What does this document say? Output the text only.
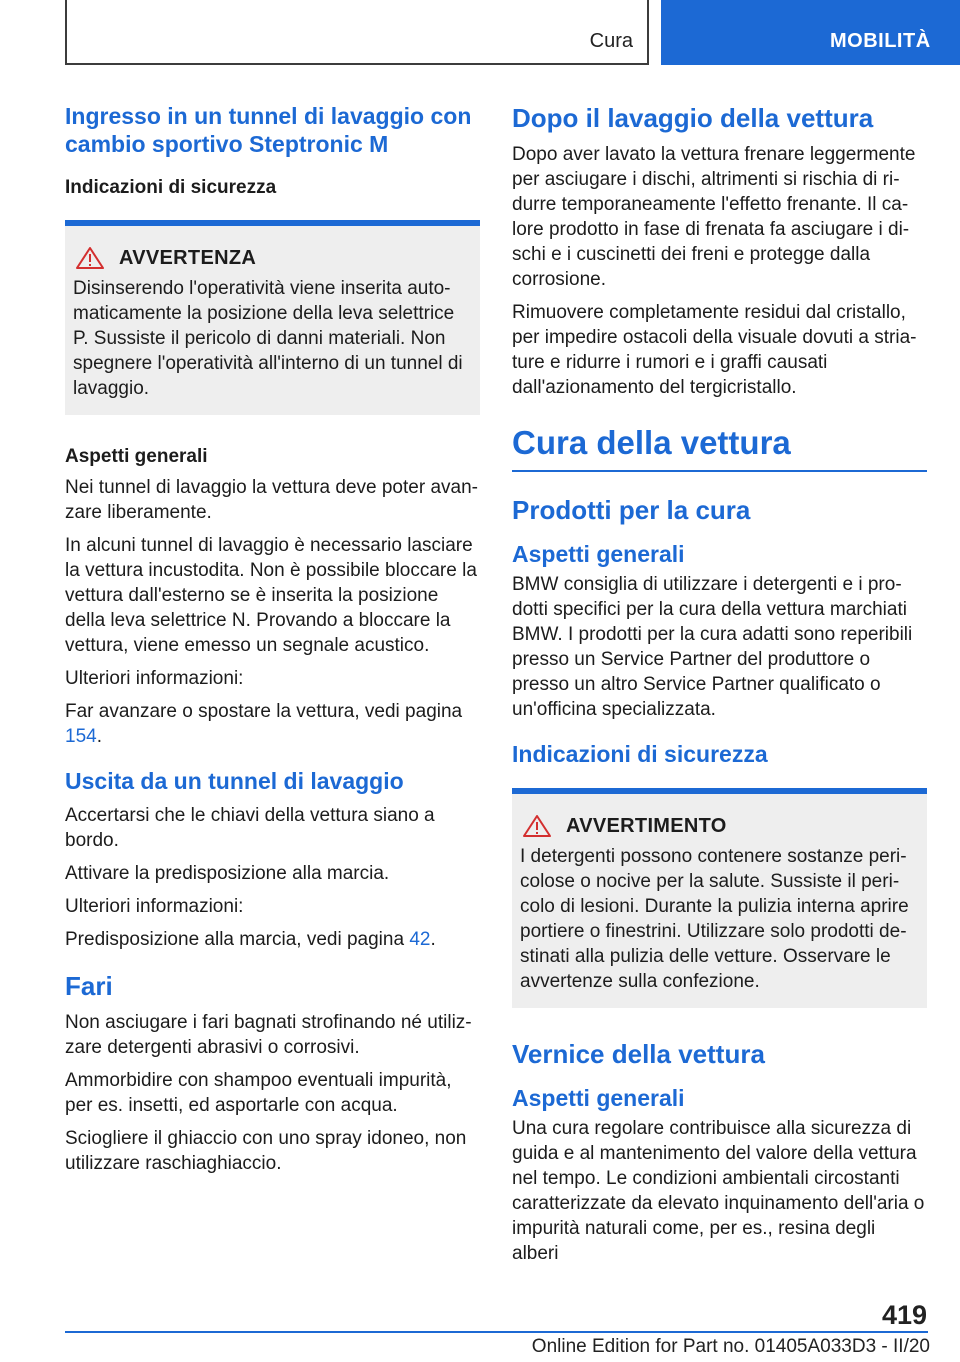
Cura	MOBILITÀ
Ingresso in un tunnel di lavaggio con cambio sportivo Steptronic M
Indicazioni di sicurezza
AVVERTENZA

Disinserendo l'operatività viene inserita automaticamente la posizione della leva selettrice P. Sussiste il pericolo di danni materiali. Non spegnere l'operatività all'interno di un tunnel di lavaggio.

Aspetti generali

Nei tunnel di lavaggio la vettura deve poter avanzare liberamente.

In alcuni tunnel di lavaggio è necessario lasciare la vettura incustodita. Non è possibile bloccare la vettura dall'esterno se è inserita la posizione della leva selettrice N. Provando a bloccare la vettura, viene emesso un segnale acustico.

Ulteriori informazioni:

Far avanzare o spostare la vettura, vedi pagina 154.

Uscita da un tunnel di lavaggio

Accertarsi che le chiavi della vettura siano a bordo.

Attivare la predisposizione alla marcia.

Ulteriori informazioni:

Predisposizione alla marcia, vedi pagina 42.

Fari

Non asciugare i fari bagnati strofinando né utilizzare detergenti abrasivi o corrosivi.

Ammorbidire con shampoo eventuali impurità, per es. insetti, ed asportarle con acqua.

Sciogliere il ghiaccio con uno spray idoneo, non utilizzare raschiaghiaccio.

Dopo il lavaggio della vettura

Dopo aver lavato la vettura frenare leggermente per asciugare i dischi, altrimenti si rischia di ridurre temporaneamente l'effetto frenante. Il calore prodotto in fase di frenata fa asciugare i dischi e i cuscinetti dei freni e protegge dalla corrosione.

Rimuovere completamente residui dal cristallo, per impedire ostacoli della visuale dovuti a striature e ridurre i rumori e i graffi causati dall'azionamento del tergicristallo.

Cura della vettura
Prodotti per la cura
Aspetti generali

BMW consiglia di utilizzare i detergenti e i prodotti specifici per la cura della vettura marchiati BMW. I prodotti per la cura adatti sono reperibili presso un Service Partner del produttore o presso un altro Service Partner qualificato o un'officina specializzata.

Indicazioni di sicurezza
AVVERTIMENTO

I detergenti possono contenere sostanze pericolose o nocive per la salute. Sussiste il pericolo di lesioni. Durante la pulizia interna aprire portiere o finestrini. Utilizzare solo prodotti destinati alla pulizia delle vetture. Osservare le avvertenze sulla confezione.

Vernice della vettura
Aspetti generali

Una cura regolare contribuisce alla sicurezza di guida e al mantenimento del valore della vettura nel tempo. Le condizioni ambientali circostanti caratterizzate da elevato inquinamento dell'aria o impurità naturali come, per es., resina degli alberi

419
Online Edition for Part no. 01405A033D3 - II/20
